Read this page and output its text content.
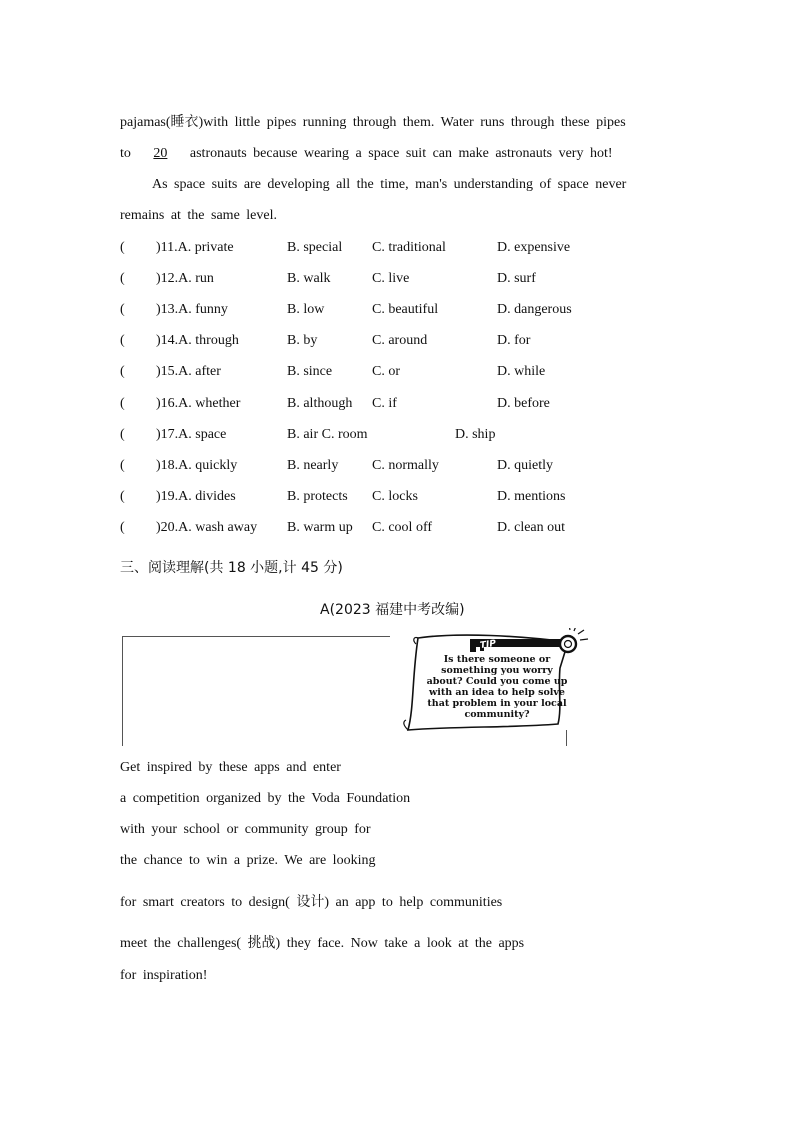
pajamas(睡衣)with little pipes running through them. Water runs through these pipes
to 20 astronauts because wearing a space suit can make astronauts very hot!
As space suits are developing all the time, man's understanding of space never
remains at the same level.
( )11.A. private	B. special C. traditional	D. expensive
( )12.A. run	B. walk	C. live	D. surf
( )13.A. funny	B. low	C. beautiful	D. dangerous
( )14.A. through	B. by	C. around	D. for
( )15.A. after	B. since	C. or	D. while
( )16.A. whether	B. although C. if	D. before
( )17.A. space	B. air C. room	D. ship
( )18.A. quickly	B. nearly C. normally	D. quietly
( )19.A. divides	B. protects C. locks	D. mentions
( )20.A. wash away B. warm up C. cool off	D. clean out
三、阅读理解(共 18 小题,计 45 分)
A(2023 福建中考改编)
TIP
Is there someone or something you worry about? Could you come up with an idea to help solve that problem in your local community?
Get inspired by these apps and enter
a competition organized by the Voda Foundation
with your school or community group for
the chance to win a prize. We are looking
for smart creators to design( 设计) an app to help communities
meet the challenges( 挑战) they face. Now take a look at the apps
for inspiration!
